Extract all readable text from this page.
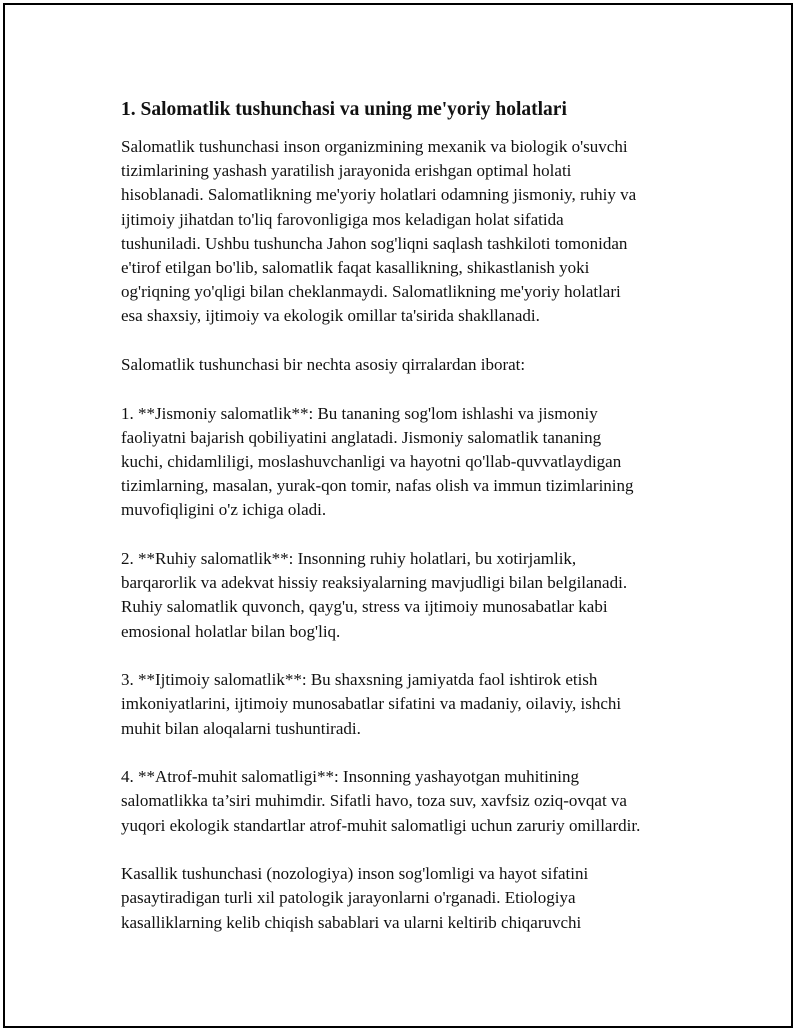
1. Salomatlik tushunchasi va uning me'yoriy holatlari

Salomatlik tushunchasi inson organizmining mexanik va biologik o'suvchi
tizimlarining yashash yaratilish jarayonida erishgan optimal holati
hisoblanadi. Salomatlikning me'yoriy holatlari odamning jismoniy, ruhiy va
ijtimoiy jihatdan to'liq farovonligiga mos keladigan holat sifatida
tushuniladi. Ushbu tushuncha Jahon sog'liqni saqlash tashkiloti tomonidan
e'tirof etilgan bo'lib, salomatlik faqat kasallikning, shikastlanish yoki
og'riqning yo'qligi bilan cheklanmaydi. Salomatlikning me'yoriy holatlari
esa shaxsiy, ijtimoiy va ekologik omillar ta'sirida shakllanadi.

Salomatlik tushunchasi bir nechta asosiy qirralardan iborat:

1. **Jismoniy salomatlik**: Bu tananing sog'lom ishlashi va jismoniy
faoliyatni bajarish qobiliyatini anglatadi. Jismoniy salomatlik tananing
kuchi, chidamliligi, moslashuvchanligi va hayotni qo'llab-quvvatlaydigan
tizimlarning, masalan, yurak-qon tomir, nafas olish va immun tizimlarining
muvofiqligini o'z ichiga oladi.

2. **Ruhiy salomatlik**: Insonning ruhiy holatlari, bu xotirjamlik,
barqarorlik va adekvat hissiy reaksiyalarning mavjudligi bilan belgilanadi.
Ruhiy salomatlik quvonch, qayg'u, stress va ijtimoiy munosabatlar kabi
emosional holatlar bilan bog'liq.

3. **Ijtimoiy salomatlik**: Bu shaxsning jamiyatda faol ishtirok etish
imkoniyatlarini, ijtimoiy munosabatlar sifatini va madaniy, oilaviy, ishchi
muhit bilan aloqalarni tushuntiradi.

4. **Atrof-muhit salomatligi**: Insonning yashayotgan muhitining
salomatlikka ta’siri muhimdir. Sifatli havo, toza suv, xavfsiz oziq-ovqat va
yuqori ekologik standartlar atrof-muhit salomatligi uchun zaruriy omillardir.

Kasallik tushunchasi (nozologiya) inson sog'lomligi va hayot sifatini
pasaytiradigan turli xil patologik jarayonlarni o'rganadi. Etiologiya
kasalliklarning kelib chiqish sabablari va ularni keltirib chiqaruvchi
